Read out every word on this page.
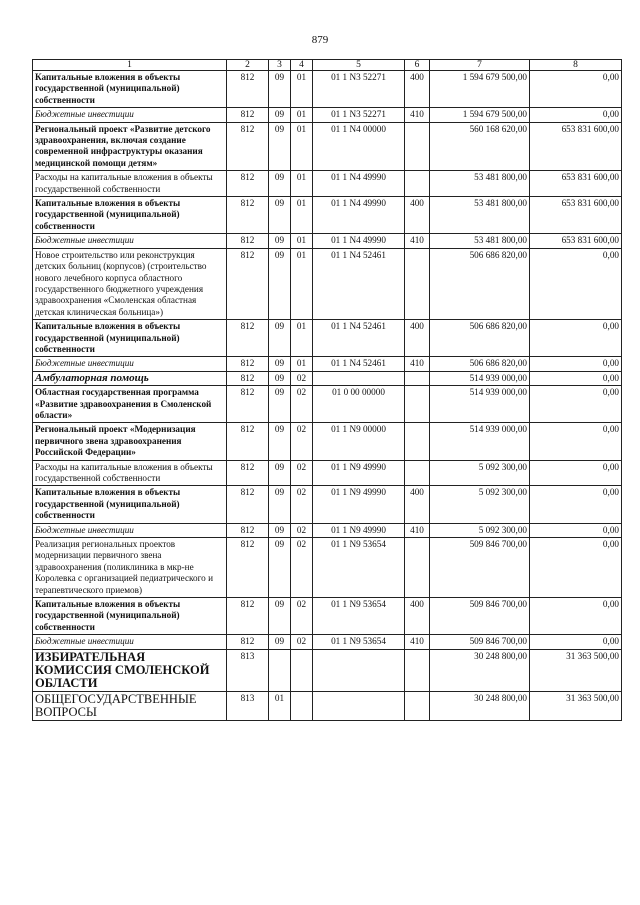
879
1	2	3	4	5	6	7	8
Капитальные вложения в объекты государственной (муниципальной) собственности	812	09	01	01 1 N3 52271	400	1 594 679 500,00	0,00
Бюджетные инвестиции	812	09	01	01 1 N3 52271	410	1 594 679 500,00	0,00
Региональный проект «Развитие детского здравоохранения, включая создание современной инфраструктуры оказания медицинской помощи детям»	812	09	01	01 1 N4 00000		560 168 620,00	653 831 600,00
Расходы на капитальные вложения в объекты государственной собственности	812	09	01	01 1 N4 49990		53 481 800,00	653 831 600,00
Капитальные вложения в объекты государственной (муниципальной) собственности	812	09	01	01 1 N4 49990	400	53 481 800,00	653 831 600,00
Бюджетные инвестиции	812	09	01	01 1 N4 49990	410	53 481 800,00	653 831 600,00
Новое строительство или реконструкция детских больниц (корпусов) (строительство нового лечебного корпуса областного государственного бюджетного учреждения здравоохранения «Смоленская областная детская клиническая больница»)	812	09	01	01 1 N4 52461		506 686 820,00	0,00
Капитальные вложения в объекты государственной (муниципальной) собственности	812	09	01	01 1 N4 52461	400	506 686 820,00	0,00
Бюджетные инвестиции	812	09	01	01 1 N4 52461	410	506 686 820,00	0,00
Амбулаторная помощь	812	09	02			514 939 000,00	0,00
Областная государственная программа «Развитие здравоохранения в Смоленской области»	812	09	02	01 0 00 00000		514 939 000,00	0,00
Региональный проект «Модернизация первичного звена здравоохранения Российской Федерации»	812	09	02	01 1 N9 00000		514 939 000,00	0,00
Расходы на капитальные вложения в объекты государственной собственности	812	09	02	01 1 N9 49990		5 092 300,00	0,00
Капитальные вложения в объекты государственной (муниципальной) собственности	812	09	02	01 1 N9 49990	400	5 092 300,00	0,00
Бюджетные инвестиции	812	09	02	01 1 N9 49990	410	5 092 300,00	0,00
Реализация региональных проектов модернизации первичного звена здравоохранения (поликлиника в мкр-не Королевка с организацией педиатрического и терапевтического приемов)	812	09	02	01 1 N9 53654		509 846 700,00	0,00
Капитальные вложения в объекты государственной (муниципальной) собственности	812	09	02	01 1 N9 53654	400	509 846 700,00	0,00
Бюджетные инвестиции	812	09	02	01 1 N9 53654	410	509 846 700,00	0,00
ИЗБИРАТЕЛЬНАЯ КОМИССИЯ СМОЛЕНСКОЙ ОБЛАСТИ	813					30 248 800,00	31 363 500,00
ОБЩЕГОСУДАРСТВЕННЫЕ ВОПРОСЫ	813	01				30 248 800,00	31 363 500,00
